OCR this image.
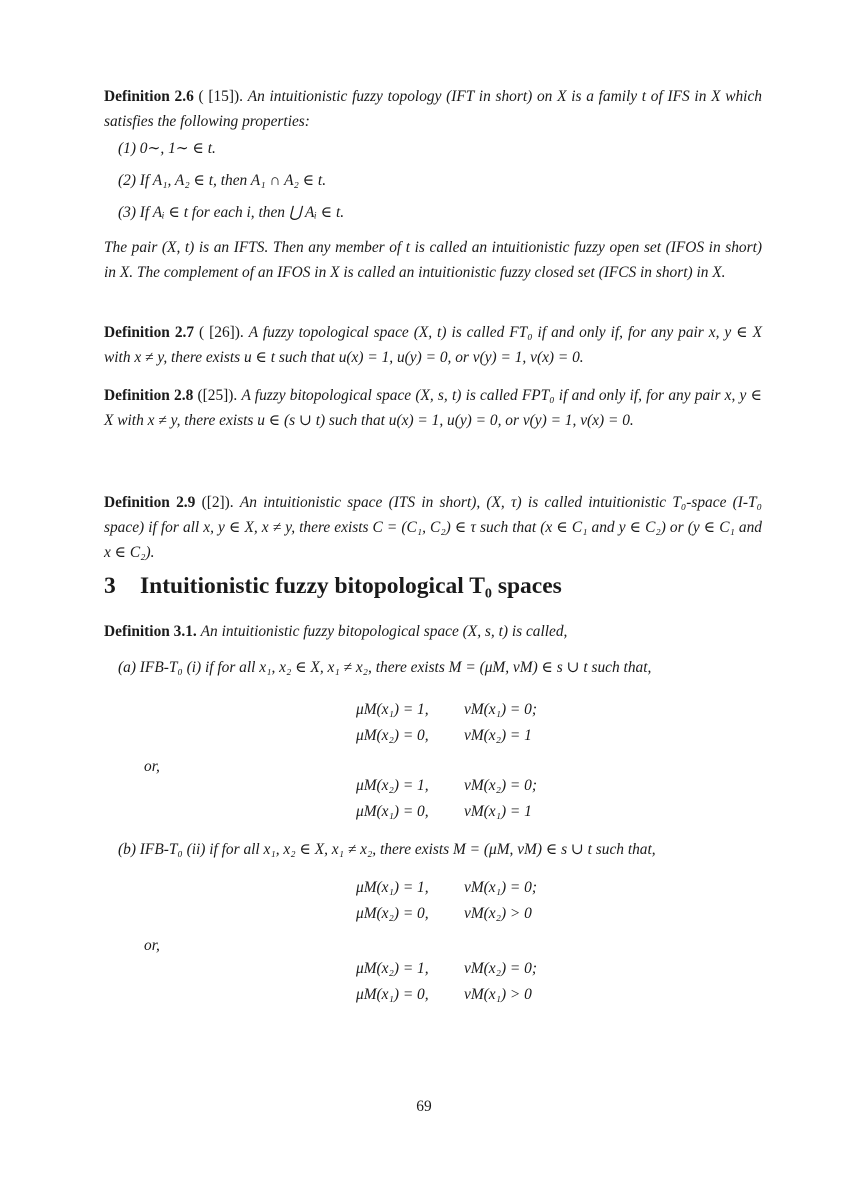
Definition 2.6 ( [15]). An intuitionistic fuzzy topology (IFT in short) on X is a family t of IFS in X which satisfies the following properties:
(1) 0∼, 1∼ ∈ t.
(2) If A₁, A₂ ∈ t, then A₁ ∩ A₂ ∈ t.
(3) If Aᵢ ∈ t for each i, then ⋃ Aᵢ ∈ t.
The pair (X, t) is an IFTS. Then any member of t is called an intuitionistic fuzzy open set (IFOS in short) in X. The complement of an IFOS in X is called an intuitionistic fuzzy closed set (IFCS in short) in X.
Definition 2.7 ( [26]). A fuzzy topological space (X, t) is called FT₀ if and only if, for any pair x, y ∈ X with x ≠ y, there exists u ∈ t such that u(x) = 1, u(y) = 0, or v(y) = 1, v(x) = 0.
Definition 2.8 ([25]). A fuzzy bitopological space (X, s, t) is called FPT₀ if and only if, for any pair x, y ∈ X with x ≠ y, there exists u ∈ (s ∪ t) such that u(x) = 1, u(y) = 0, or v(y) = 1, v(x) = 0.
Definition 2.9 ([2]). An intuitionistic space (ITS in short), (X, τ) is called intuitionistic T₀-space (I-T₀ space) if for all x, y ∈ X, x ≠ y, there exists C = (C₁, C₂) ∈ τ such that (x ∈ C₁ and y ∈ C₂) or (y ∈ C₁ and x ∈ C₂).
3 Intuitionistic fuzzy bitopological T₀ spaces
Definition 3.1. An intuitionistic fuzzy bitopological space (X, s, t) is called,
(a) IFB-T₀ (i) if for all x₁, x₂ ∈ X, x₁ ≠ x₂, there exists M = (μM, νM) ∈ s ∪ t such that,
μM(x₁) = 1,	νM(x₁) = 0;
μM(x₂) = 0,	νM(x₂) = 1
or,
μM(x₂) = 1,	νM(x₂) = 0;
μM(x₁) = 0,	νM(x₁) = 1
(b) IFB-T₀ (ii) if for all x₁, x₂ ∈ X, x₁ ≠ x₂, there exists M = (μM, νM) ∈ s ∪ t such that,
μM(x₁) = 1,	νM(x₁) = 0;
μM(x₂) = 0,	νM(x₂) > 0
or,
μM(x₂) = 1,	νM(x₂) = 0;
μM(x₁) = 0,	νM(x₁) > 0
69
